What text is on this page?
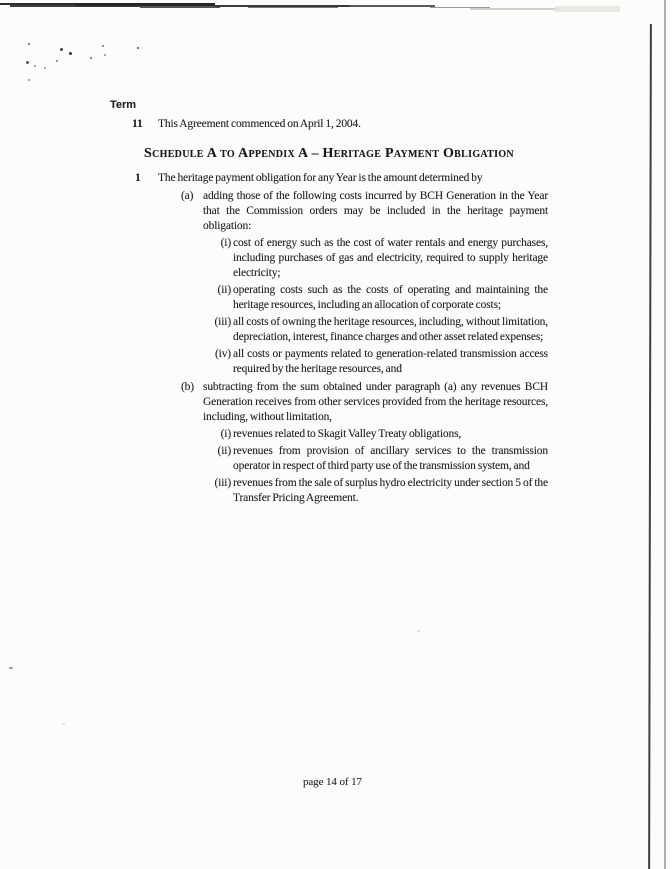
Term
11 This Agreement commenced on April 1, 2004.
Schedule A to Appendix A – Heritage Payment Obligation
1 The heritage payment obligation for any Year is the amount determined by
(a) adding those of the following costs incurred by BCH Generation in the Year that the Commission orders may be included in the heritage payment obligation:
(i) cost of energy such as the cost of water rentals and energy purchases, including purchases of gas and electricity, required to supply heritage electricity;
(ii) operating costs such as the costs of operating and maintaining the heritage resources, including an allocation of corporate costs;
(iii) all costs of owning the heritage resources, including, without limitation, depreciation, interest, finance charges and other asset related expenses;
(iv) all costs or payments related to generation-related transmission access required by the heritage resources, and
(b) subtracting from the sum obtained under paragraph (a) any revenues BCH Generation receives from other services provided from the heritage resources, including, without limitation,
(i) revenues related to Skagit Valley Treaty obligations,
(ii) revenues from provision of ancillary services to the transmission operator in respect of third party use of the transmission system, and
(iii) revenues from the sale of surplus hydro electricity under section 5 of the Transfer Pricing Agreement.
page 14 of 17
